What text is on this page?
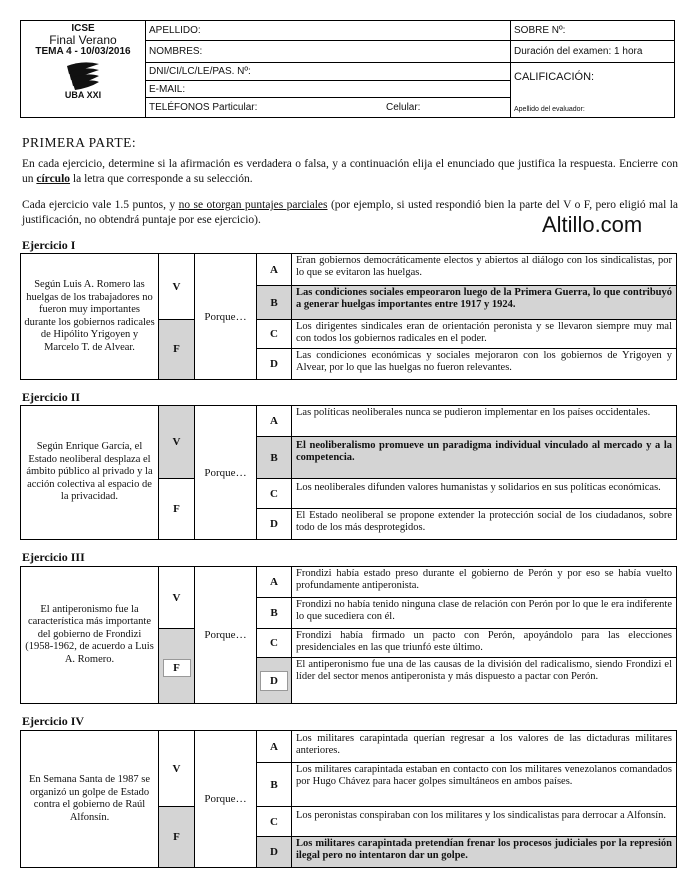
ICSE
Final Verano
TEMA 4 - 10/03/2016
UBA XXI
APELLIDO:
NOMBRES:
DNI/CI/LC/LE/PAS. Nº:
E-MAIL:
TELÉFONOS Particular:	Celular:
SOBRE Nº:
Duración del examen: 1 hora
CALIFICACIÓN:
Apellido del evaluador:
PRIMERA PARTE:
En cada ejercicio, determine si la afirmación es verdadera o falsa, y a continuación elija el enunciado que justifica la respuesta. Encierre con un círculo la letra que corresponde a su selección.
Cada ejercicio vale 1.5 puntos, y no se otorgan puntajes parciales (por ejemplo, si usted respondió bien la parte del V o F, pero eligió mal la justificación, no obtendrá puntaje por ese ejercicio).	Altillo.com
Ejercicio I
Según Luis A. Romero las huelgas de los trabajadores no fueron muy importantes durante los gobiernos radicales de Hipólito Yrigoyen y Marcelo T. de Alvear.
V
F
Porque…
A
Eran gobiernos democráticamente electos y abiertos al diálogo con los sindicalistas, por lo que se evitaron las huelgas.
B
Las condiciones sociales empeoraron luego de la Primera Guerra, lo que contribuyó a generar huelgas importantes entre 1917 y 1924.
C
Los dirigentes sindicales eran de orientación peronista y se llevaron siempre muy mal con todos los gobiernos radicales en el poder.
D
Las condiciones económicas y sociales mejoraron con los gobiernos de Yrigoyen y Alvear, por lo que las huelgas no fueron relevantes.
Ejercicio II
Según Enrique García, el Estado neoliberal desplaza el ámbito público al privado y la acción colectiva al espacio de la privacidad.
V
F
Porque…
A
Las políticas neoliberales nunca se pudieron implementar en los países occidentales.
B
El neoliberalismo promueve un paradigma individual vinculado al mercado y a la competencia.
C
Los neoliberales difunden valores humanistas y solidarios en sus políticas económicas.
D
El Estado neoliberal se propone extender la protección social de los ciudadanos, sobre todo de los más desprotegidos.
Ejercicio III
El antiperonismo fue la característica más importante del gobierno de Frondizi (1958-1962, de acuerdo a Luis A. Romero.
V
F
Porque…
A
Frondizi había estado preso durante el gobierno de Perón y por eso se había vuelto profundamente antiperonista.
B
Frondizi no había tenido ninguna clase de relación con Perón por lo que le era indiferente lo que sucediera con él.
C
Frondizi había firmado un pacto con Perón, apoyándolo para las elecciones presidenciales en las que triunfó este último.
D
El antiperonismo fue una de las causas de la división del radicalismo, siendo Frondizi el líder del sector menos antiperonista y más dispuesto a pactar con Perón.
Ejercicio IV
En Semana Santa de 1987 se organizó un golpe de Estado contra el gobierno de Raúl Alfonsín.
V
F
Porque…
A
Los militares carapintada querían regresar a los valores de las dictaduras militares anteriores.
B
Los militares carapintada estaban en contacto con los militares venezolanos comandados por Hugo Chávez para hacer golpes simultáneos en ambos países.
C
Los peronistas conspiraban con los militares y los sindicalistas para derrocar a Alfonsín.
D
Los militares carapintada pretendían frenar los procesos judiciales por la represión ilegal pero no intentaron dar un golpe.
